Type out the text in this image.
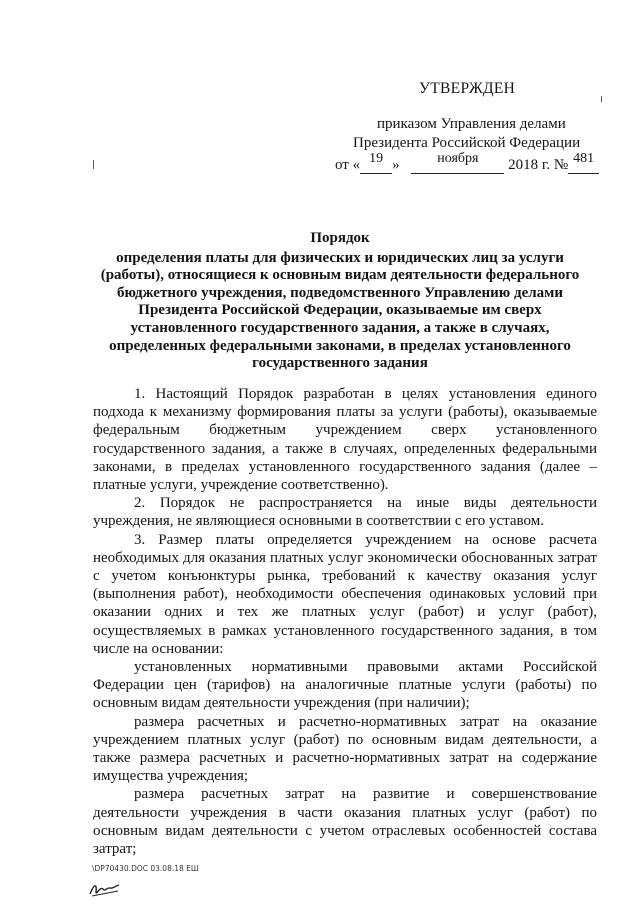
УТВЕРЖДЕН
приказом Управления делами
Президента Российской Федерации
от « 19 »	ноября 2018 г. № 481
Порядок
определения платы для физических и юридических лиц за услуги (работы), относящиеся к основным видам деятельности федерального бюджетного учреждения, подведомственного Управлению делами Президента Российской Федерации, оказываемые им сверх установленного государственного задания, а также в случаях, определенных федеральными законами, в пределах установленного государственного задания

1. Настоящий Порядок разработан в целях установления единого подхода к механизму формирования платы за услуги (работы), оказываемые федеральным бюджетным учреждением сверх установленного государственного задания, а также в случаях, определенных федеральными законами, в пределах установленного государственного задания (далее – платные услуги, учреждение соответственно).

2. Порядок не распространяется на иные виды деятельности учреждения, не являющиеся основными в соответствии с его уставом.

3. Размер платы определяется учреждением на основе расчета необходимых для оказания платных услуг экономически обоснованных затрат с учетом конъюнктуры рынка, требований к качеству оказания услуг (выполнения работ), необходимости обеспечения одинаковых условий при оказании одних и тех же платных услуг (работ) и услуг (работ), осуществляемых в рамках установленного государственного задания, в том числе на основании:

установленных нормативными правовыми актами Российской Федерации цен (тарифов) на аналогичные платные услуги (работы) по основным видам деятельности учреждения (при наличии);

размера расчетных и расчетно-нормативных затрат на оказание учреждением платных услуг (работ) по основным видам деятельности, а также размера расчетных и расчетно-нормативных затрат на содержание имущества учреждения;

размера расчетных затрат на развитие и совершенствование деятельности учреждения в части оказания платных услуг (работ) по основным видам деятельности с учетом отраслевых особенностей состава затрат;

\DP70430.DOC 03.08.18 ЕШ
